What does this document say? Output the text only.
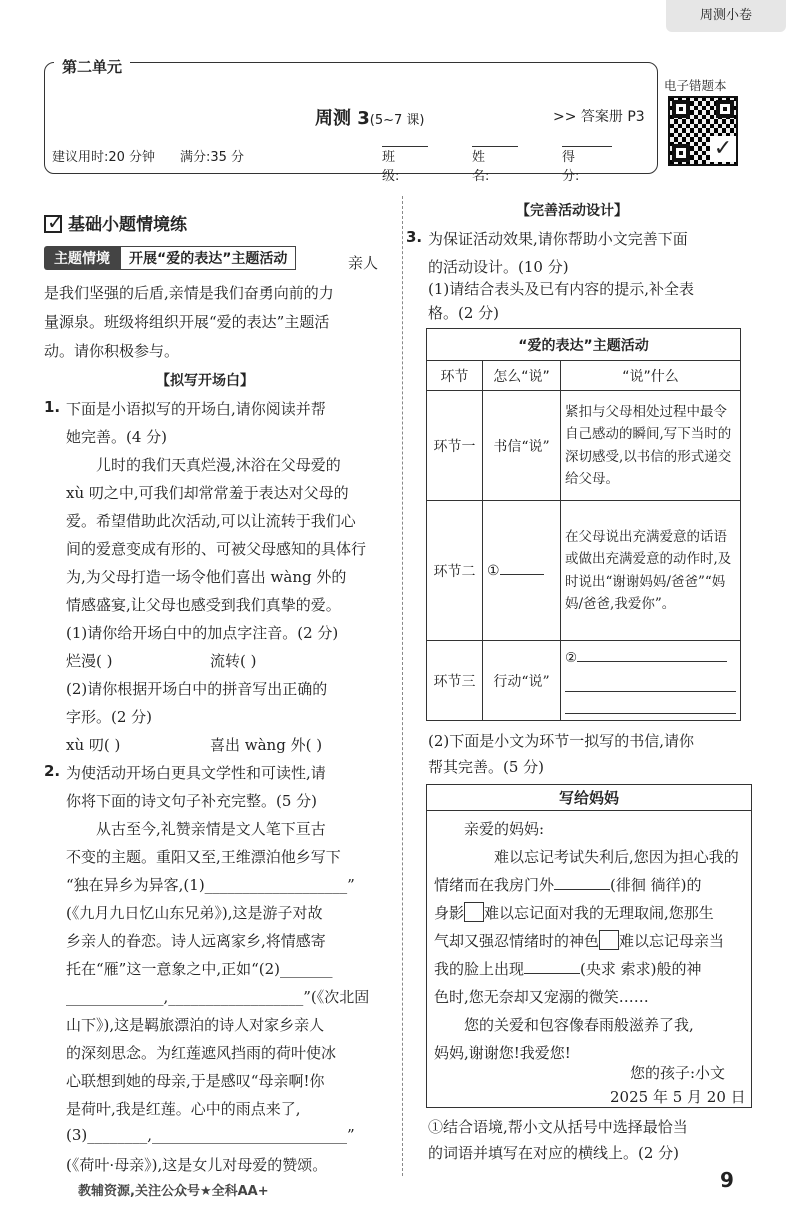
周测小卷
第二单元
周测 3(5~7 课)	>> 答案册 P3
建议用时:20 分钟 满分:35 分	班级:
姓名:
得分:
电子错题本
✓
✓基础小题情境练
主题情境	开展“爱的表达”主题活动	亲人
是我们坚强的后盾,亲情是我们奋勇向前的力
量源泉。班级将组织开展“爱的表达”主题活
动。请你积极参与。
【拟写开场白】
1. 下面是小语拟写的开场白,请你阅读并帮
她完善。(4 分)
儿时的我们天真烂漫,沐浴在父母爱的
xù 叨之中,可我们却常常羞于表达对父母的
爱。希望借助此次活动,可以让流转于我们心
间的爱意变成有形的、可被父母感知的具体行
为,为父母打造一场令他们喜出 wàng 外的
情感盛宴,让父母也感受到我们真挚的爱。
(1)请你给开场白中的加点字注音。(2 分)
烂漫( )	流转( )
(2)请你根据开场白中的拼音写出正确的
字形。(2 分)
xù 叨( )	喜出 wàng 外( )
2. 为使活动开场白更具文学性和可读性,请
你将下面的诗文句子补充完整。(5 分)
从古至今,礼赞亲情是文人笔下亘古
不变的主题。重阳又至,王维漂泊他乡写下
“独在异乡为异客,(1)___________________”
(《九月九日忆山东兄弟》),这是游子对故
乡亲人的眷恋。诗人远离家乡,将情感寄
托在“雁”这一意象之中,正如“(2)_______
_____________,__________________”(《次北固
山下》),这是羁旅漂泊的诗人对家乡亲人
的深刻思念。为红莲遮风挡雨的荷叶使冰
心联想到她的母亲,于是感叹“母亲啊!你
是荷叶,我是红莲。心中的雨点来了,
(3)________,__________________________”
(《荷叶·母亲》),这是女儿对母爱的赞颂。
【完善活动设计】
3. 为保证活动效果,请你帮助小文完善下面
的活动设计。(10 分)
(1)请结合表头及已有内容的提示,补全表
格。(2 分)
“爱的表达”主题活动		
环节	怎么“说”	“说”什么
环节一	书信“说”	紧扣与父母相处过程中最令自己感动的瞬间,写下当时的深切感受,以书信的形式递交给父母。
环节二	①	在父母说出充满爱意的话语或做出充满爱意的动作时,及时说出“谢谢妈妈/爸爸”“妈妈/爸爸,我爱你”。
环节三	行动“说”	②
(2)下面是小文为环节一拟写的书信,请你
帮其完善。(5 分)
写给妈妈
亲爱的妈妈:
难以忘记考试失利后,您因为担心我的
情绪而在我房门外	(徘徊 徜徉)的
身影 难以忘记面对我的无理取闹,您那生
气却又强忍情绪时的神色 难以忘记母亲当
我的脸上出现	(央求 索求)般的神
色时,您无奈却又宠溺的微笑……
您的关爱和包容像春雨般滋养了我,
妈妈,谢谢您!我爱您!
您的孩子:小文
2025 年 5 月 20 日
①结合语境,帮小文从括号中选择最恰当
的词语并填写在对应的横线上。(2 分)
教辅资源,关注公众号★全科AA+	9
